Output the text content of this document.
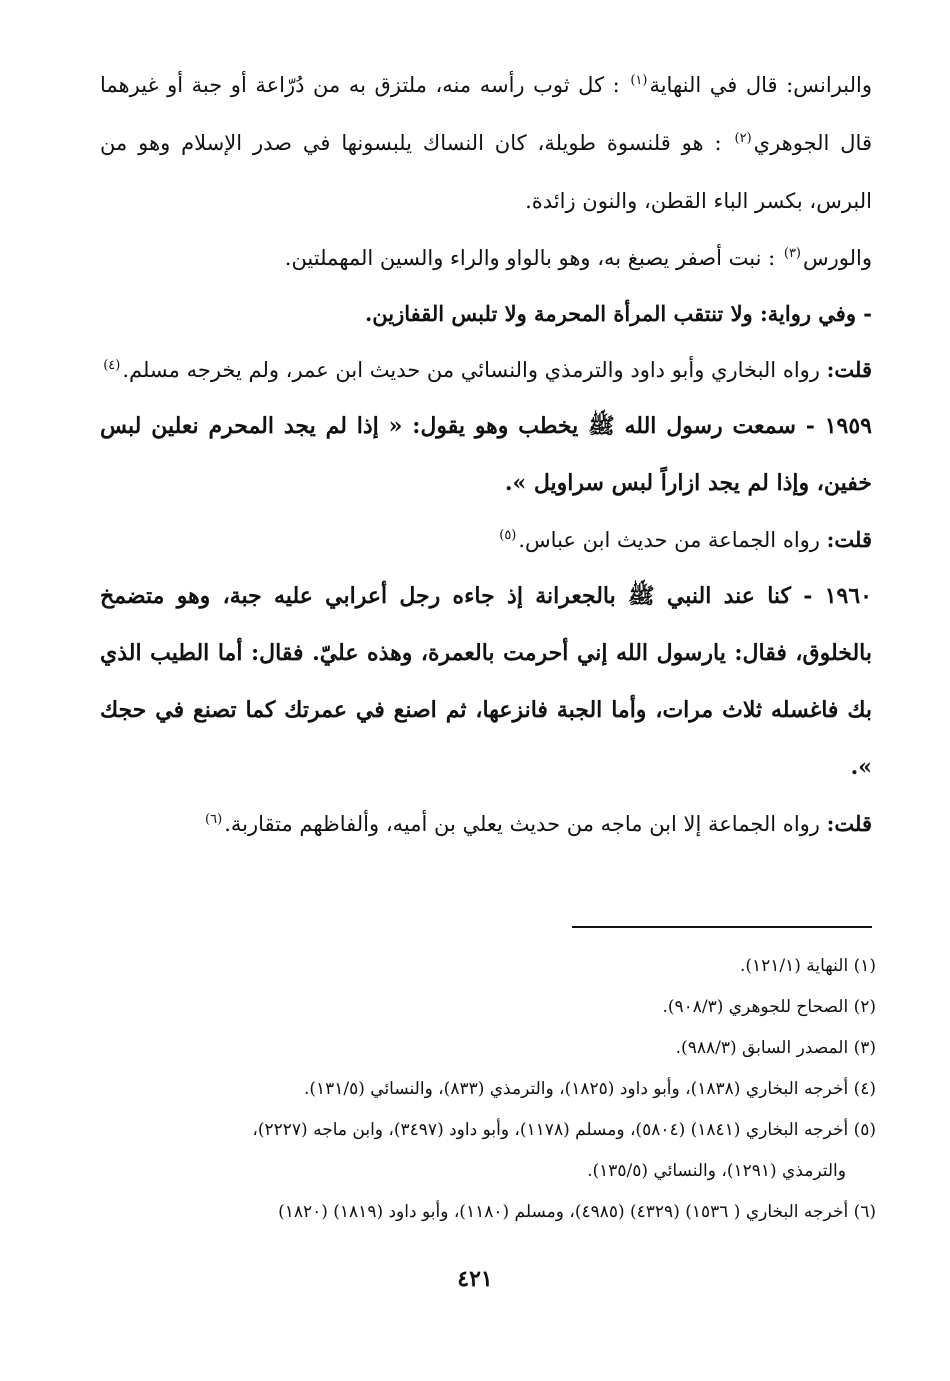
والبرانس: قال في النهاية$^{(١)}$ : كل ثوب رأسه منه، ملتزق به من دُرّاعة أو جبة أو غيرهما قال الجوهري$^{(٢)}$ : هو قلنسوة طويلة، كان النساك يلبسونها في صدر الإسلام وهو من البرس، بكسر الباء القطن، والنون زائدة.

والورس$^{(٣)}$ : نبت أصفر يصبغ به، وهو بالواو والراء والسين المهملتين.

- وفي رواية: ولا تنتقب المرأة المحرمة ولا تلبس القفازين.

قلت: رواه البخاري وأبو داود والترمذي والنسائي من حديث ابن عمر، ولم يخرجه مسلم.$^{(٤)}$

١٩٥٩ - سمعت رسول الله ﷺ يخطب وهو يقول: « إذا لم يجد المحرم نعلين لبس خفين، وإذا لم يجد ازاراً لبس سراويل ».

قلت: رواه الجماعة من حديث ابن عباس.$^{(٥)}$

١٩٦٠ - كنا عند النبي ﷺ بالجعرانة إذ جاءه رجل أعرابي عليه جبة، وهو متضمخ بالخلوق، فقال: يارسول الله إني أحرمت بالعمرة، وهذه عليّ. فقال: أما الطيب الذي بك فاغسله ثلاث مرات، وأما الجبة فانزعها، ثم اصنع في عمرتك كما تصنع في حجك ».

قلت: رواه الجماعة إلا ابن ماجه من حديث يعلي بن أميه، وألفاظهم متقاربة.$^{(٦)}$

(١) النهاية (١٢١/١).

(٢) الصحاح للجوهري (٩٠٨/٣).

(٣) المصدر السابق (٩٨٨/٣).

(٤) أخرجه البخاري (١٨٣٨)، وأبو داود (١٨٢٥)، والترمذي (٨٣٣)، والنسائي (١٣١/٥).

(٥) أخرجه البخاري (١٨٤١) (٥٨٠٤)، ومسلم (١١٧٨)، وأبو داود (٣٤٩٧)، وابن ماجه (٢٢٢٧)،
والترمذي (١٢٩١)، والنسائي (١٣٥/٥).

(٦) أخرجه البخاري ( ١٥٣٦) (٤٣٢٩) (٤٩٨٥)، ومسلم (١١٨٠)، وأبو داود (١٨١٩) (١٨٢٠)

٤٢١
